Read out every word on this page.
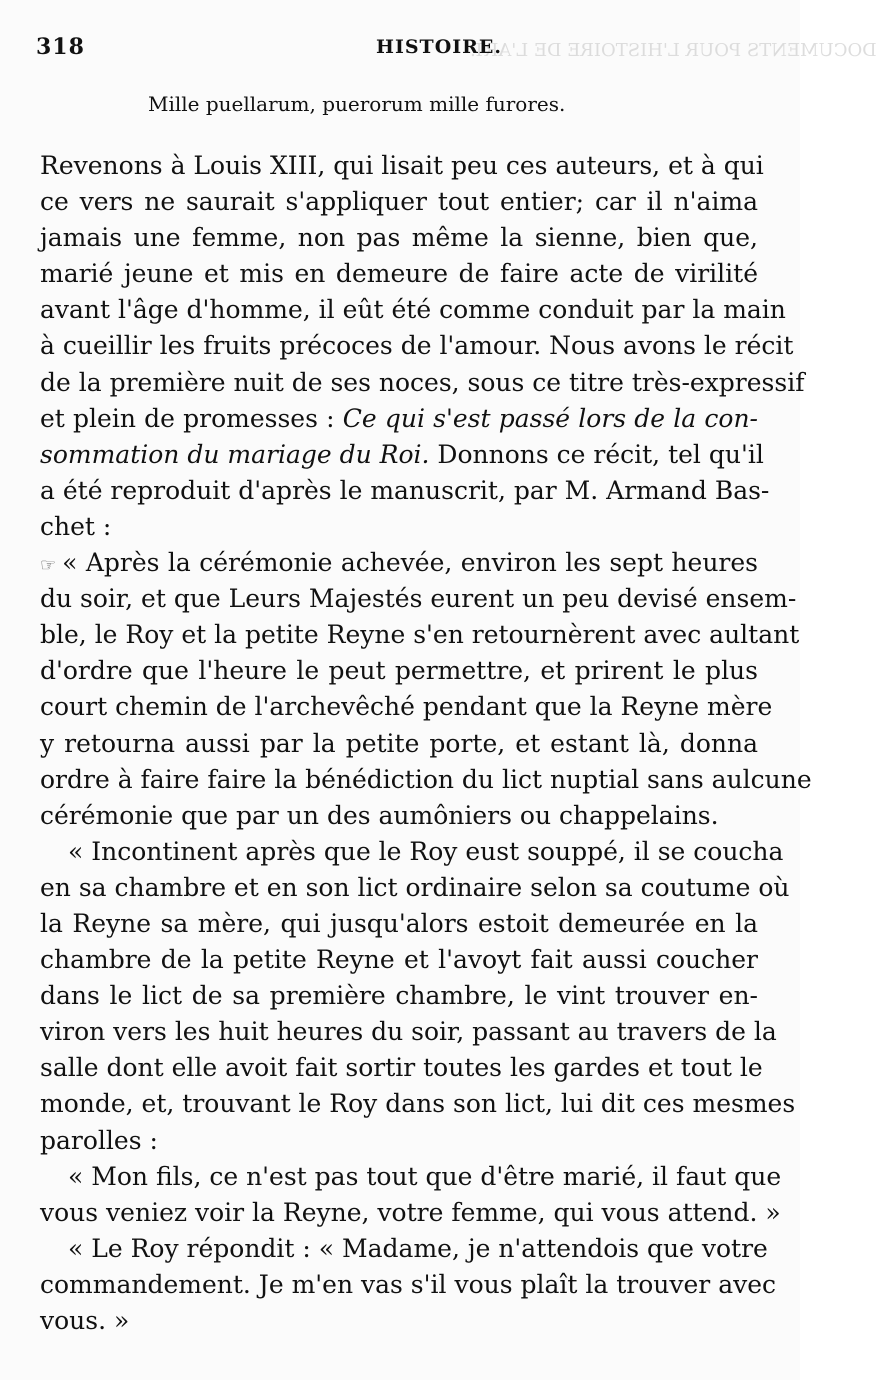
DOCUMENTS POUR L'HISTOIRE DE L'ART.
318	HISTOIRE.
Mille puellarum, puerorum mille furores.
Revenons à Louis XIII, qui lisait peu ces auteurs, et à qui
ce vers ne saurait s'appliquer tout entier; car il n'aima
jamais une femme, non pas même la sienne, bien que,
marié jeune et mis en demeure de faire acte de virilité
avant l'âge d'homme, il eût été comme conduit par la main
à cueillir les fruits précoces de l'amour. Nous avons le récit
de la première nuit de ses noces, sous ce titre très-expressif
et plein de promesses : Ce qui s'est passé lors de la con-
sommation du mariage du Roi. Donnons ce récit, tel qu'il
a été reproduit d'après le manuscrit, par M. Armand Bas-
chet :
☞ « Après la cérémonie achevée, environ les sept heures
du soir, et que Leurs Majestés eurent un peu devisé ensem-
ble, le Roy et la petite Reyne s'en retournèrent avec aultant
d'ordre que l'heure le peut permettre, et prirent le plus
court chemin de l'archevêché pendant que la Reyne mère
y retourna aussi par la petite porte, et estant là, donna
ordre à faire faire la bénédiction du lict nuptial sans aulcune
cérémonie que par un des aumôniers ou chappelains.
« Incontinent après que le Roy eust souppé, il se coucha
en sa chambre et en son lict ordinaire selon sa coutume où
la Reyne sa mère, qui jusqu'alors estoit demeurée en la
chambre de la petite Reyne et l'avoyt fait aussi coucher
dans le lict de sa première chambre, le vint trouver en-
viron vers les huit heures du soir, passant au travers de la
salle dont elle avoit fait sortir toutes les gardes et tout le
monde, et, trouvant le Roy dans son lict, lui dit ces mesmes
parolles :
« Mon fils, ce n'est pas tout que d'être marié, il faut que
vous veniez voir la Reyne, votre femme, qui vous attend. »
« Le Roy répondit : « Madame, je n'attendois que votre
commandement. Je m'en vas s'il vous plaît la trouver avec
vous. »
